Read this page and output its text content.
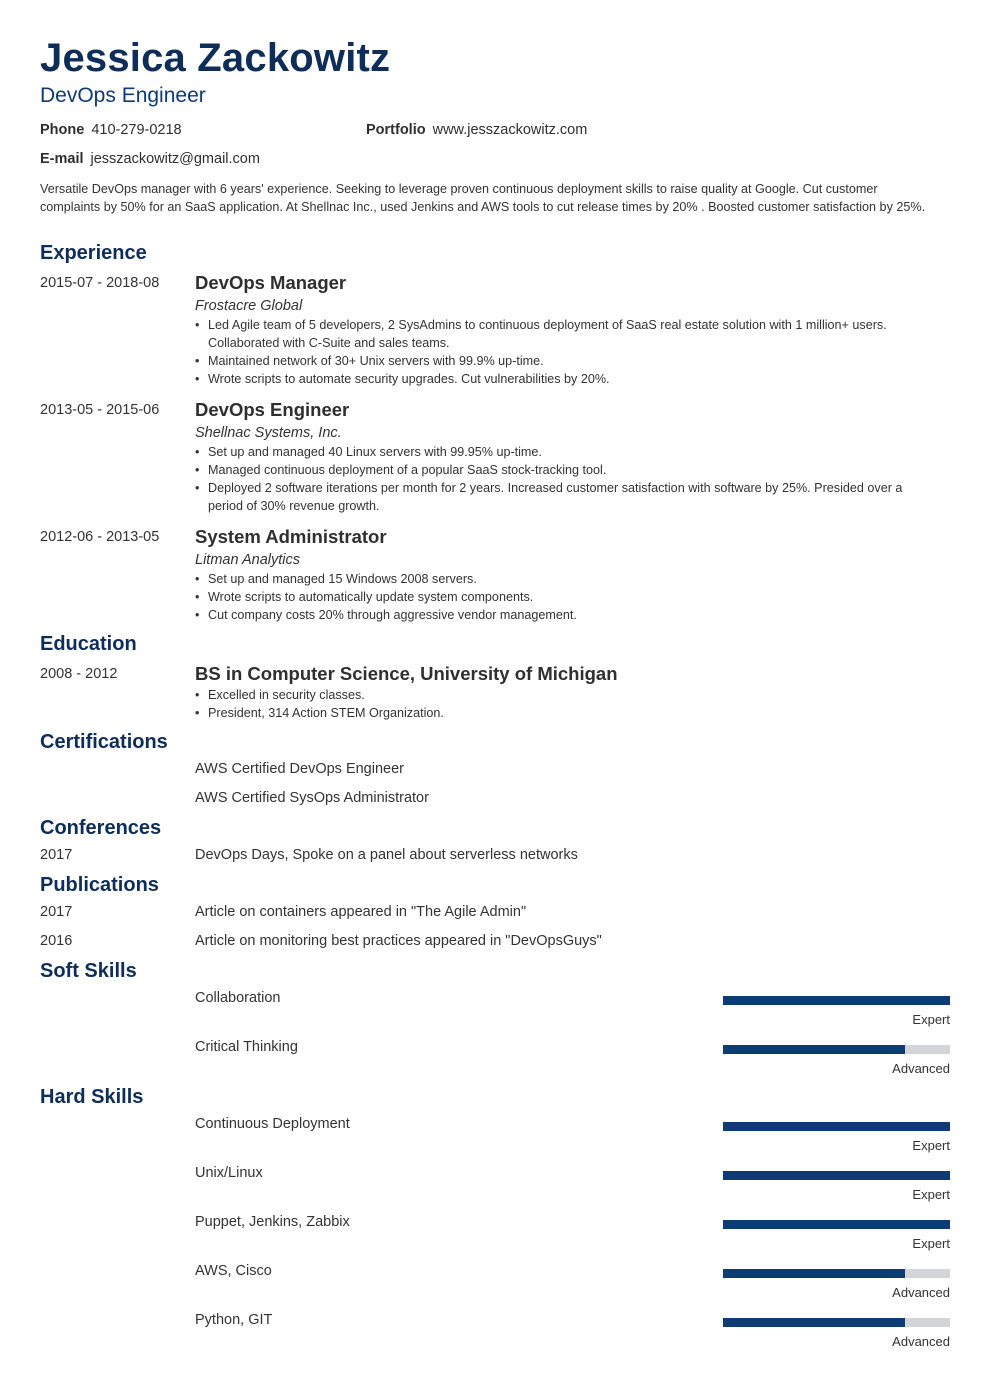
Jessica Zackowitz
DevOps Engineer
Phone 410-279-0218	Portfolio www.jesszackowitz.com
E-mail jesszackowitz@gmail.com
Versatile DevOps manager with 6 years' experience. Seeking to leverage proven continuous deployment skills to raise quality at Google. Cut customer complaints by 50% for an SaaS application. At Shellnac Inc., used Jenkins and AWS tools to cut release times by 20% . Boosted customer satisfaction by 25%.
Experience
2015-07 - 2018-08 DevOps Manager
Frostacre Global
• Led Agile team of 5 developers, 2 SysAdmins to continuous deployment of SaaS real estate solution with 1 million+ users. Collaborated with C-Suite and sales teams.
• Maintained network of 30+ Unix servers with 99.9% up-time.
• Wrote scripts to automate security upgrades. Cut vulnerabilities by 20%.
2013-05 - 2015-06 DevOps Engineer
Shellnac Systems, Inc.
• Set up and managed 40 Linux servers with 99.95% up-time.
• Managed continuous deployment of a popular SaaS stock-tracking tool.
• Deployed 2 software iterations per month for 2 years. Increased customer satisfaction with software by 25%. Presided over a period of 30% revenue growth.
2012-06 - 2013-05 System Administrator
Litman Analytics
• Set up and managed 15 Windows 2008 servers.
• Wrote scripts to automatically update system components.
• Cut company costs 20% through aggressive vendor management.
Education
2008 - 2012	BS in Computer Science, University of Michigan
• Excelled in security classes.
• President, 314 Action STEM Organization.
Certifications
AWS Certified DevOps Engineer
AWS Certified SysOps Administrator
Conferences
2017	DevOps Days, Spoke on a panel about serverless networks
Publications
2017	Article on containers appeared in "The Agile Admin"
2016	Article on monitoring best practices appeared in "DevOpsGuys"
Soft Skills
Collaboration
Expert
Critical Thinking
Advanced
Hard Skills
Continuous Deployment
Expert
Unix/Linux
Expert
Puppet, Jenkins, Zabbix
Expert
AWS, Cisco
Advanced
Python, GIT
Advanced
